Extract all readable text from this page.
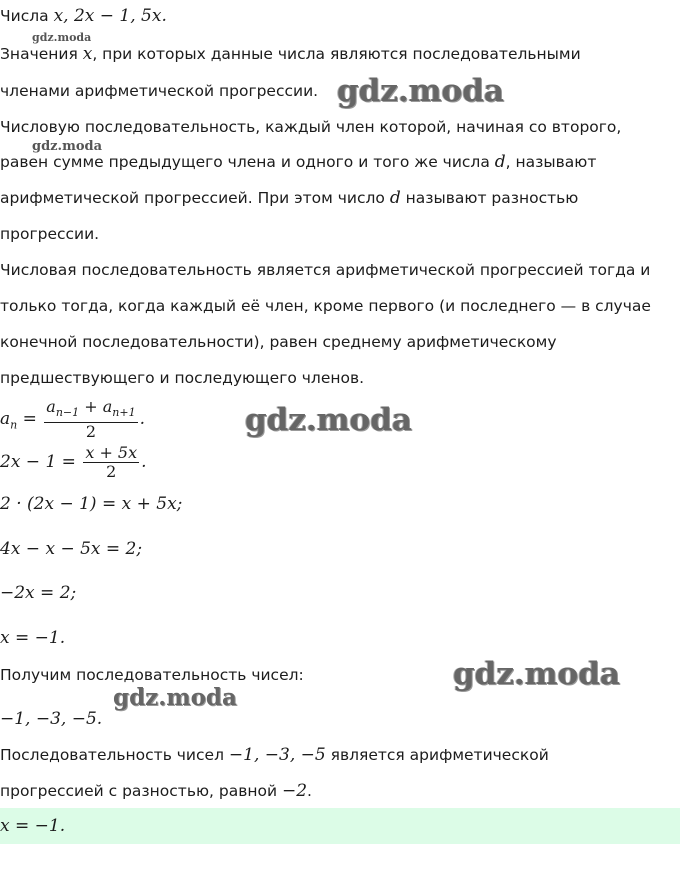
Числа x, 2x − 1, 5x.
gdz.moda
Значения x, при которых данные числа являются последовательными
членами арифметической прогрессии. gdz.moda
Числовую последовательность, каждый член которой, начиная со второго,
gdz.moda
равен сумме предыдущего члена и одного и того же числа d, называют
арифметической прогрессией. При этом число d называют разностью
прогрессии.
Числовая последовательность является арифметической прогрессией тогда и
только тогда, когда каждый её член, кроме первого (и последнего — в случае
конечной последовательности), равен среднему арифметическому
предшествующего и последующего членов.
$a_n = \frac{a_{n-1} + a_{n+1}}{2}$ .	gdz.moda
$2x - 1 = \frac{x + 5x}{2}$ .
2 · (2x − 1) = x + 5x;
4x − x − 5x = 2;
−2x = 2;
x = −1.
Получим последовательность чисел:	gdz.moda
gdz.moda
−1, −3, −5.
Последовательность чисел −1, −3, −5 является арифметической
прогрессией с разностью, равной −2.
x = −1.
